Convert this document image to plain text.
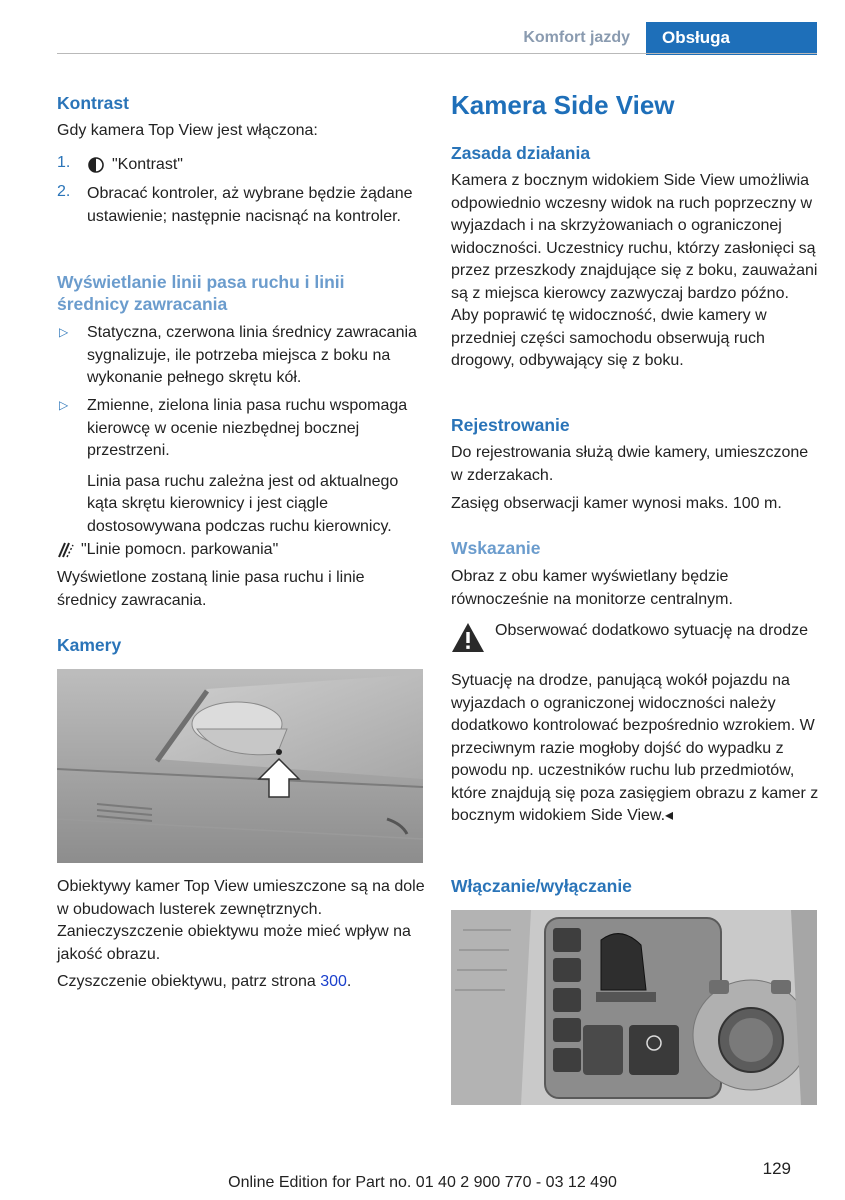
Komfort jazdy	Obsługa
Kontrast

Gdy kamera Top View jest włączona:

1.	"Kontrast"

2. Obracać kontroler, aż wybrane będzie żądane ustawienie; następnie nacisnąć na kontroler.

Wyświetlanie linii pasa ruchu i linii średnicy zawracania
▷ Statyczna, czerwona linia średnicy zawracania sygnalizuje, ile potrzeba miejsca z boku na wykonanie pełnego skrętu kół.

▷ Zmienne, zielona linia pasa ruchu wspomaga kierowcę w ocenie niezbędnej bocznej przestrzeni.

Linia pasa ruchu zależna jest od aktualnego kąta skrętu kierownicy i jest ciągle dostosowywana podczas ruchu kierownicy.

"Linie pomocn. parkowania"

Wyświetlone zostaną linie pasa ruchu i linie średnicy zawracania.

Kamery

Obiektywy kamer Top View umieszczone są na dole w obudowach lusterek zewnętrznych. Zanieczyszczenie obiektywu może mieć wpływ na jakość obrazu.

Czyszczenie obiektywu, patrz strona 300.

Kamera Side View
Zasada działania

Kamera z bocznym widokiem Side View umożliwia odpowiednio wczesny widok na ruch poprzeczny w wyjazdach i na skrzyżowaniach o ograniczonej widoczności. Uczestnicy ruchu, którzy zasłonięci są przez przeszkody znajdujące się z boku, zauważani są z miejsca kierowcy zazwyczaj bardzo późno. Aby poprawić tę widoczność, dwie kamery w przedniej części samochodu obserwują ruch drogowy, odbywający się z boku.

Rejestrowanie

Do rejestrowania służą dwie kamery, umieszczone w zderzakach.

Zasięg obserwacji kamer wynosi maks. 100 m.

Wskazanie

Obraz z obu kamer wyświetlany będzie równocześnie na monitorze centralnym.

Obserwować dodatkowo sytuację na drodze

Sytuację na drodze, panującą wokół pojazdu na wyjazdach o ograniczonej widoczności należy dodatkowo kontrolować bezpośrednio wzrokiem. W przeciwnym razie mogłoby dojść do wypadku z powodu np. uczestników ruchu lub przedmiotów, które znajdują się poza zasięgiem obrazu z kamer z bocznym widokiem Side View.◂

Włączanie/wyłączanie
129
Online Edition for Part no. 01 40 2 900 770 - 03 12 490
